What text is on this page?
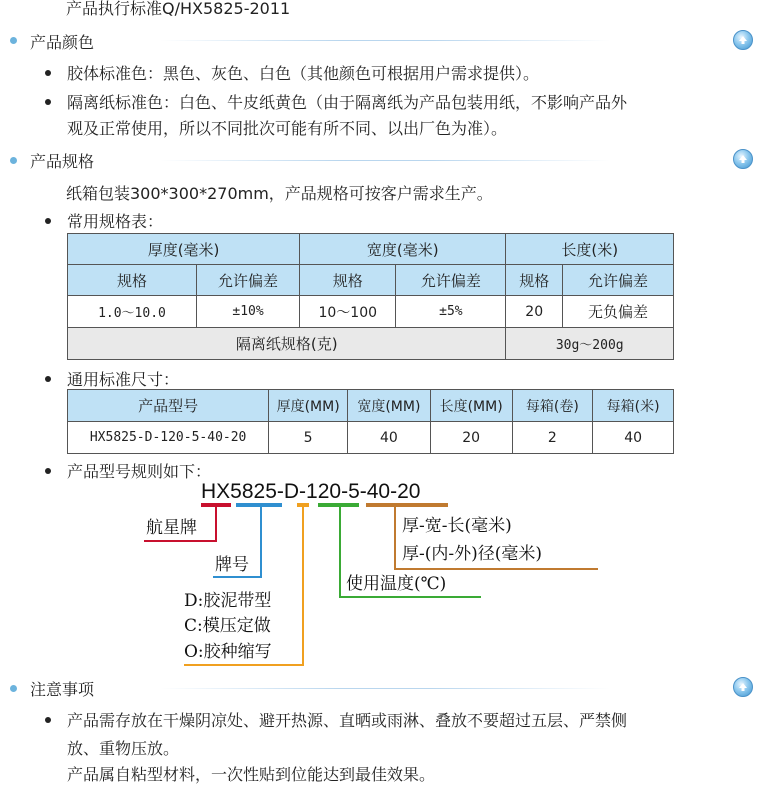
产品执行标准Q/HX5825-2011
产品颜色
胶体标准色：黑色、灰色、白色（其他颜色可根据用户需求提供）。
隔离纸标准色：白色、牛皮纸黄色（由于隔离纸为产品包装用纸，不影响产品外
观及正常使用，所以不同批次可能有所不同、以出厂色为准）。
产品规格
纸箱包装300*300*270mm，产品规格可按客户需求生产。
常用规格表：
厚度(毫米)		宽度(毫米)		长度(米)	
规格	允许偏差	规格	允许偏差	规格	允许偏差
1.0～10.0	±10%	10～100	±5%	20	无负偏差
隔离纸规格(克)				30g～200g	
通用标准尺寸：
产品型号	厚度(MM)	宽度(MM)	长度(MM)	每箱(卷)	每箱(米)
HX5825-D-120-5-40-20	5	40	20	2	40
产品型号规则如下：
HX5825-D-120-5-40-20
航星牌
牌号
D:胶泥带型
C:模压定做
O:胶种缩写
使用温度(℃)
厚-宽-长(毫米)
厚-(内-外)径(毫米)
注意事项
产品需存放在干燥阴凉处、避开热源、直晒或雨淋、叠放不要超过五层、严禁侧
放、重物压放。
产品属自粘型材料，一次性贴到位能达到最佳效果。
